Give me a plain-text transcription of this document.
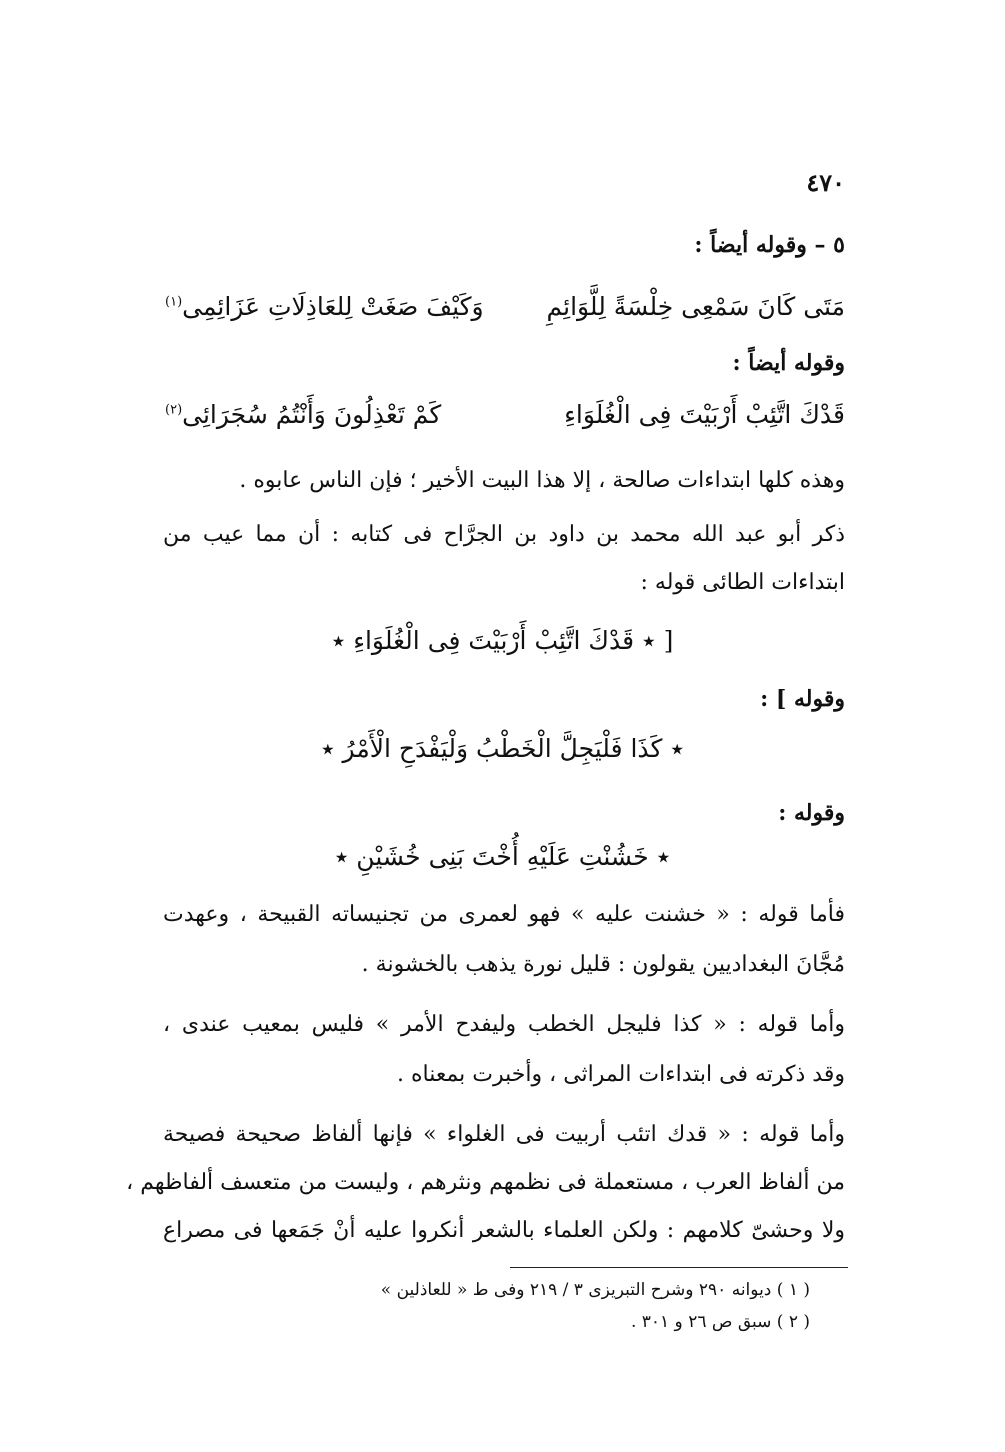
٤٧٠
٥ – وقوله أيضاً :
مَتَى كَانَ سَمْعِى خِلْسَةً لِلَّوَائِمِ
وَكَيْفَ صَغَتْ لِلعَاذِلَاتِ عَزَائِمِى$^{(١)}$
وقوله أيضاً :
قَدْكَ اتَّئِبْ أَرْبَيْتَ فِى الْغُلَوَاءِ
كَمْ تَعْذِلُونَ وَأَنْتُمُ سُجَرَائِى$^{(٢)}$
وهذه كلها ابتداءات صالحة ، إلا هذا البيت الأخير ؛ فإن الناس عابوه .
ذكر أبو عبد الله محمد بن داود بن الجرَّاح فى كتابه : أن مما عيب من
ابتداءات الطائى قوله :
[ ٭ قَدْكَ اتَّئِبْ أَرْبَيْتَ فِى الْغُلَوَاءِ ٭
وقوله ] :
٭ كَذَا فَلْيَجِلَّ الْخَطْبُ وَلْيَفْدَحِ الْأَمْرُ ٭
وقوله :
٭ خَشُنْتِ عَلَيْهِ أُخْتَ بَنِى خُشَيْنِ ٭
فأما قوله : « خشنت عليه » فهو لعمرى من تجنيساته القبيحة ، وعهدت
مُجَّانَ البغداديين يقولون : قليل نورة يذهب بالخشونة .
وأما قوله : « كذا فليجل الخطب وليفدح الأمر » فليس بمعيب عندى ،
وقد ذكرته فى ابتداءات المراثى ، وأخبرت بمعناه .
وأما قوله : « قدك اتئب أربيت فى الغلواء » فإنها ألفاظ صحيحة فصيحة
من ألفاظ العرب ، مستعملة فى نظمهم ونثرهم ، وليست من متعسف ألفاظهم ،
ولا وحشىّ كلامهم : ولكن العلماء بالشعر أنكروا عليه أنْ جَمَعها فى مصراع
( ١ ) ديوانه ٢٩٠ وشرح التبريزى ٣ / ٢١٩ وفى ط « للعاذلين »
( ٢ ) سبق ص ٢٦ و ٣٠١ .
